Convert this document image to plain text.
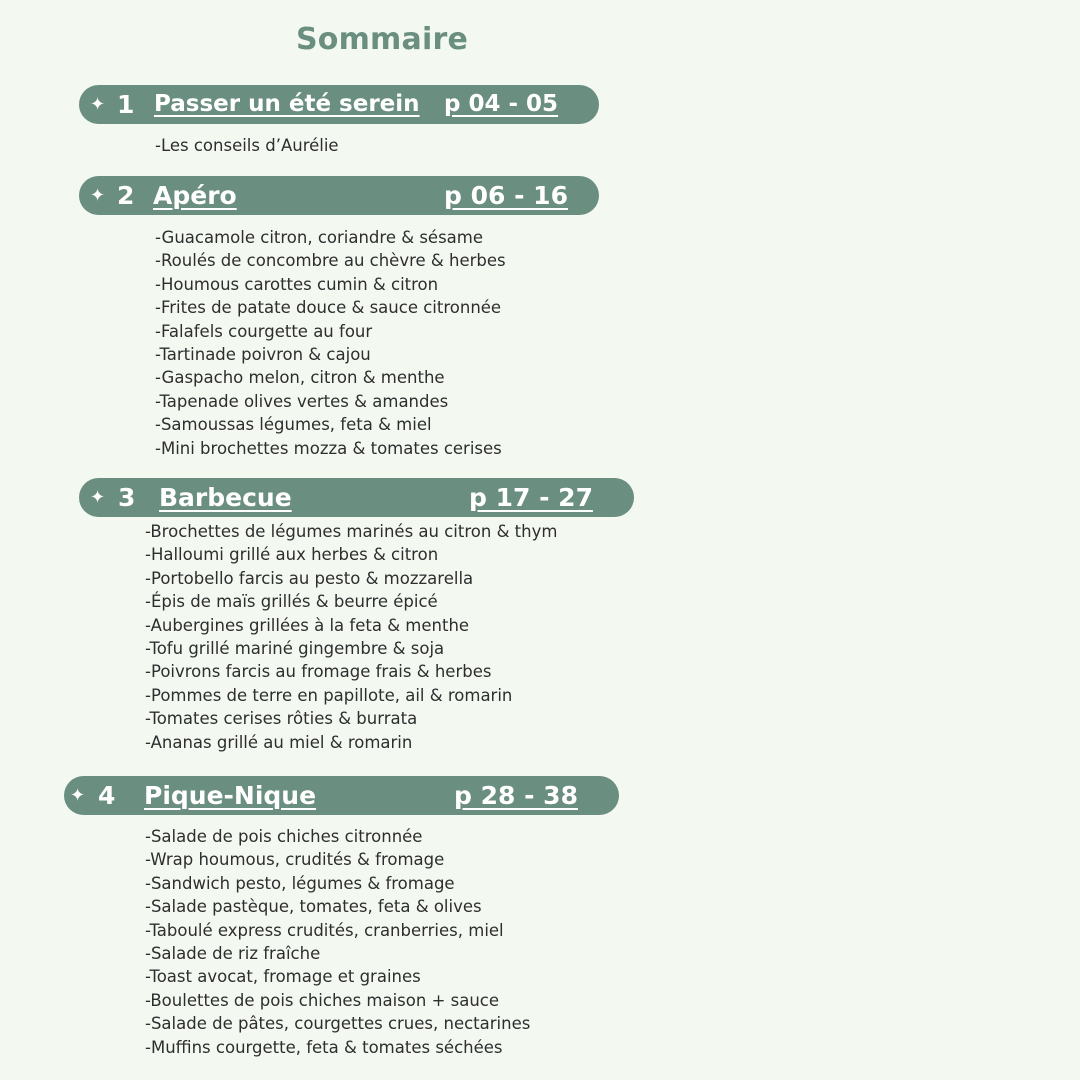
Sommaire
✦ 1 Passer un été serein p 04 - 05
-Les conseils d’Aurélie
✦ 2 Apéro	p 06 - 16
-Guacamole citron, coriandre & sésame
-Roulés de concombre au chèvre & herbes
-Houmous carottes cumin & citron
-Frites de patate douce & sauce citronnée
-Falafels courgette au four
-Tartinade poivron & cajou
-Gaspacho melon, citron & menthe
-Tapenade olives vertes & amandes
-Samoussas légumes, feta & miel
-Mini brochettes mozza & tomates cerises
✦ 3 Barbecue	p 17 - 27
-Brochettes de légumes marinés au citron & thym
-Halloumi grillé aux herbes & citron
-Portobello farcis au pesto & mozzarella
-Épis de maïs grillés & beurre épicé
-Aubergines grillées à la feta & menthe
-Tofu grillé mariné gingembre & soja
-Poivrons farcis au fromage frais & herbes
-Pommes de terre en papillote, ail & romarin
-Tomates cerises rôties & burrata
-Ananas grillé au miel & romarin
✦ 4 Pique-Nique	p 28 - 38
-Salade de pois chiches citronnée
-Wrap houmous, crudités & fromage
-Sandwich pesto, légumes & fromage
-Salade pastèque, tomates, feta & olives
-Taboulé express crudités, cranberries, miel
-Salade de riz fraîche
-Toast avocat, fromage et graines
-Boulettes de pois chiches maison + sauce
-Salade de pâtes, courgettes crues, nectarines
-Muffins courgette, feta & tomates séchées
